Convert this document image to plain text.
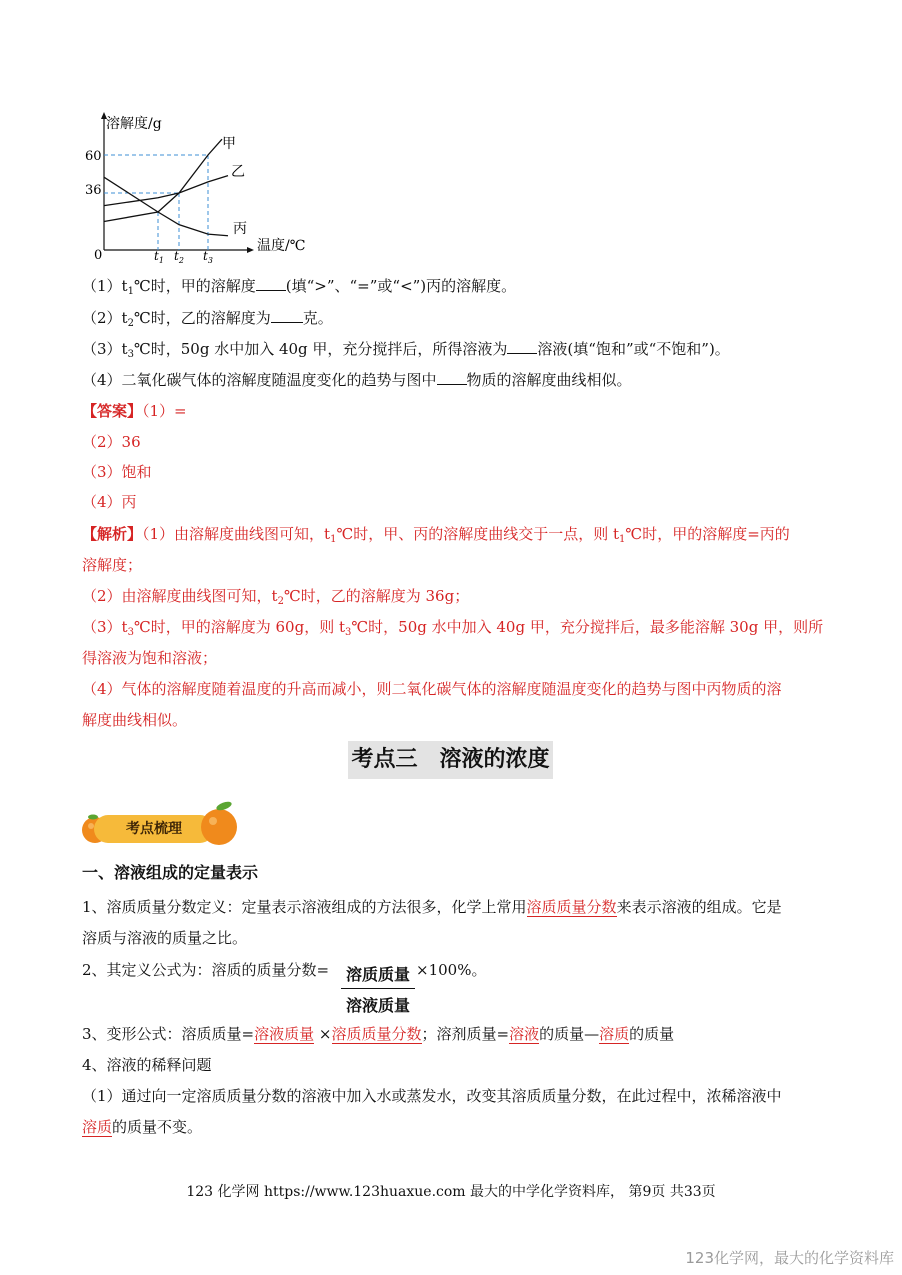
溶解度/g
温度/℃
0
60
36
$t_1$ $t_2$ $t_3$
甲
乙
丙
$(1)t_1℃$时，甲的溶解度 (填“>”、“=”或“<”)丙的溶解度。
$(2)t_2℃$时，乙的溶解度为 克。
$(3)t_3℃$时，50g 水中加入 40g 甲，充分搅拌后，所得溶液为 溶液(填“饱和”或“不饱和”)。
（4）二氧化碳气体的溶解度随温度变化的趋势与图中 物质的溶解度曲线相似。
【答案】（1）=
（2）36
（3）饱和
（4）丙
【解析】（1）由溶解度曲线图可知，$t_1℃$时，甲、丙的溶解度曲线交于一点，则 $t_1℃$时，甲的溶解度=丙的
溶解度；
（2）由溶解度曲线图可知，$t_2℃$时，乙的溶解度为 36g；
$(3)t_3℃$时，甲的溶解度为 60g，则 $t_3℃$时，50g 水中加入 40g 甲，充分搅拌后，最多能溶解 30g 甲，则所
得溶液为饱和溶液；
（4）气体的溶解度随着温度的升高而减小，则二氧化碳气体的溶解度随温度变化的趋势与图中丙物质的溶
解度曲线相似。
考点三　溶液的浓度
考点梳理
一、溶液组成的定量表示
1、溶质质量分数定义：定量表示溶液组成的方法很多，化学上常用溶质质量分数来表示溶液的组成。它是
溶质与溶液的质量之比。
2、其定义公式为：溶质的质量分数=	溶质质量
溶液质量
×100%。
3、变形公式：溶质质量=溶液质量 ×溶质质量分数；溶剂质量=溶液的质量—溶质的质量
4、溶液的稀释问题
（1）通过向一定溶质质量分数的溶液中加入水或蒸发水，改变其溶质质量分数，在此过程中，浓稀溶液中
溶质的质量不变。
123 化学网 https://www.123huaxue.com 最大的中学化学资料库， 第9页 共33页
123化学网，最大的化学资料库
